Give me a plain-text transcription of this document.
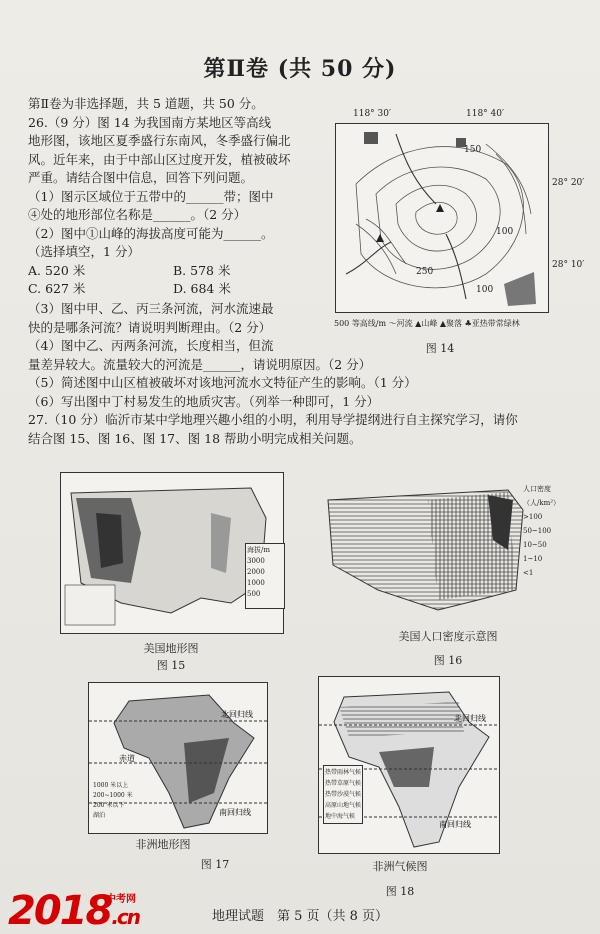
第Ⅱ卷 (共 50 分)

第Ⅱ卷为非选择题，共 5 道题，共 50 分。

26.（9 分）图 14 为我国南方某地区等高线

地形图，该地区夏季盛行东南风，冬季盛行偏北

风。近年来，由于中部山区过度开发，植被破坏

严重。请结合图中信息，回答下列问题。

（1）图示区域位于五带中的______带；图中

④处的地形部位名称是______。（2 分）

（2）图中①山峰的海拔高度可能为______。

（选择填空，1 分）

A. 520 米	B. 578 米
C. 627 米	D. 684 米
150
100
250
100
118° 30′	118° 40′
28° 20′
28° 10′
500 等高线/m ～河流 ▲山峰 ▲聚落 ♣亚热带常绿林
图 14

（3）图中甲、乙、丙三条河流，河水流速最

快的是哪条河流？请说明判断理由。（2 分）

（4）图中乙、丙两条河流，长度相当，但流

量差异较大。流量较大的河流是______，请说明原因。（2 分）

（5）简述图中山区植被破坏对该地河流水文特征产生的影响。（1 分）

（6）写出图中丁村易发生的地质灾害。（列举一种即可，1 分）

27.（10 分）临沂市某中学地理兴趣小组的小明，利用导学提纲进行自主探究学习，请你

结合图 15、图 16、图 17、图 18 帮助小明完成相关问题。

海拔/m
3000
2000
1000
500
美国地形图
图 15
人口密度（人/km²）
>100
50~100
10~50
1~10
<1
美国人口密度示意图
图 16
北回归线
赤道
南回归线
1000 米以上
200~1000 米
200 米以下
湖泊
非洲地形图
图 17
北回归线
南回归线
热带雨林气候
热带草原气候
热带沙漠气候
高原山地气候
地中海气候
非洲气候图
图 18
地理试题　第 5 页（共 8 页）
2018.cn
中考网
